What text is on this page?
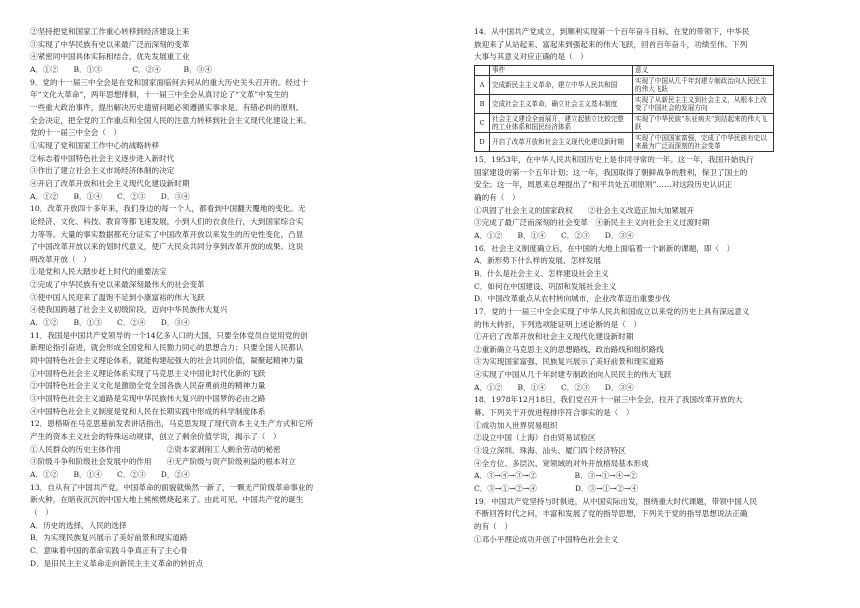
②坚持把党和国家工作重心转移到经济建设上来
③实现了中华民族有史以来最广泛而深刻的变革
④紧密同中国具体实际相结合，优先发展重工业
A．①②　　B．①③　　　　C．②④　　　B．③④
9．党的十一届三中全会是在党和国家面临何去何从的重大历史关头召开的。经过十
年“文化大革命”，两年思想徘徊，十一届三中全会从真讨论了“文革”中发生的
一些重大政治事件，提出解决历史遗留问题必须遵循实事求是、有错必纠的原则。
全会决定，把全党的工作重点和全国人民的注意力转移到社会主义现代化建设上来。
党的十一届三中全会（　）
①实现了党和国家工作中心的战略转移
②标志着中国特色社会主义逐步进入新时代
③作出了建立社会主义市场经济体制的决定
④开启了改革开放和社会主义现代化建设新时期
A．①②　　B．①④　　C．②③　　D．③④
10．改革开放四十多年来，我们身边的每一个人，都看到中国翻天覆地的变化。无
论经济、文化、科技、教育等都飞速发展，小到人们的衣食住行，大到国家综合实
力等等。大量的事实数据都充分证实了中国改革开放以来发生的历史性变化，凸显
了中国改革开放以来的划时代意义，使广大民众共同分享到改革开放的成果。这说
明改革开放（　）
①是党和人民大踏步赶上时代的重要法宝
②完成了中华民族有史以来最深刻最伟大的社会变革
③使中国人民迎来了温饱不足到小康富裕的伟大飞跃
④使我国跨越了社会主义初级阶段，迈向中华民族伟大复兴
A．①②　　B．①③　　C．②④　　D．③④
11．我国是中国共产党领导的一个14亿多人口的大国，只要全体党员自觉用党的创
新理论指引奋进，就会形成全国党和人民勠力同心的思想合力；只要全国人民都认
同中国特色社会主义理论体系，就能构建起强大的社会共同价值，凝聚起精神力量
①中国特色社会主义理论体系实现了马克思主义中国化时代化新的飞跃
②中国特色社会主义文化是激励全党全国各族人民奋勇前进的精神力量
③中国特色社会主义道路是实现中华民族伟大复兴的中国梦的必由之路
④中国特色社会主义制度是党和人民在长期实践中形成的科学制度体系
12．恩格斯在马克思墓前发表讲话指出，马克思发现了现代资本主义生产方式和它所
产生的资本主义社会的特殊运动规律，创立了剩余价值学说，揭示了（　）
①人民群众的历史主体作用　　　　　　②资本家剥削工人剩余劳动的秘密
③阶级斗争和阶级社会发展中的作用　　④无产阶级与资产阶级利益的根本对立
A．①②　　B．①④　　C．②③　　D．②④
13．自从有了中国共产党，中国革命的面貌就焕然一新了，一颗无产阶级革命事业的
新火种，在暗夜沉沉的中国大地上熊熊燃烧起来了。由此可见，中国共产党的诞生
（　）
A．历史的选择，人民的选择
B．为实现民族复兴展示了美好前景和现实道路
C．意味着中国的革命实践斗争真正有了主心骨
D．是旧民主主义革命走向新民主主义革命的转折点
14．从中国共产党成立，到顺利实现第一个百年奋斗目标，在党的带领下，中华民
族迎来了从站起来、富起来到强起来的伟大飞跃，回首百年奋斗，功绩至伟。下列
大事与其意义对应正确的是（　）
	事件	意义
A	完成新民主主义革命，建立中华人民共和国	实现了中国从几千年封建专制政治向人民民主的伟大飞跃
B	完成社会主义革命，确立社会主义基本制度	实现了从新民主主义到社会主义，从根本上改变了中国社会的发展方向
C	社会主义建设全面展开，建立起独立比较完整的工业体系和国民经济体系	实现了中华民族“东亚病夫”到站起来的伟大飞跃
D	开启了改革开放和社会主义现代化建设新时期	实现了中国国家富强，完成了中华民族有史以来最为广泛而深刻的社会变革
15．1953年，在中华人民共和国历史上是非同寻常的一年。这一年，我国开始执行
国家建设的第一个五年计划；这一年，我国取得了朝鲜战争的胜利，保卫了国土的
安全；这一年，周恩来总理提出了“和平共处五项原则”……对这段历史认识正
确的有（　）
①巩固了社会主义的国家政权　　②社会主义改造正加大加紧展开
③完成了最广泛而深刻的社会变革　④新民主主义向社会主义过渡时期
A．①②　　B．①④　　C．②③　　D．③④
16．社会主义制度确立后，在中国的大地上面临着一个崭新的课题，即（　）
A．新形势下什么样的发展、怎样发展
B．什么是社会主义、怎样建设社会主义
C．如何在中国建设、巩固和发展社会主义
D．中国改革重点从农村转向城市，企业改革迈出重要步伐
17．党的十一届三中全会实现了中华人民共和国成立以来党的历史上具有深远意义
的伟大转折，下列选项能证明上述论断的是（　）
①开启了改革开放和社会主义现代化建设新时期
②重新确立马克思主义的思想路线、政治路线和组织路线
③为实现国家富强、民族复兴展示了美好前景和现实道路
④实现了中国从几千年封建专制政治向人民民主的伟大飞跃
A．①②　　B．①④　　C．②③　　D．③④
18．1978年12月18日，我们党召开十一届三中全会，拉开了我国改革开放的大
幕。下列关于开放进程排序符合事实的是（　）
①成功加入世界贸易组织
②设立中国（上海）自由贸易试验区
③设立深圳、珠海、汕头、厦门四个经济特区
④全方位、多层次、宽领域的对外开放格局基本形成
A．③→④→③→②　　　　　B．③→①→④→②
C．③→①→②→④　　　　　D．③→①→②→④
19．中国共产党坚持与时俱进，从中国实际出发，围绕重大时代课题，带领中国人民
不断回答时代之问，丰富和发展了党的指导思想，下列关于党的指导思想说法正确
的有（　）
①邓小平理论成功开创了中国特色社会主义
